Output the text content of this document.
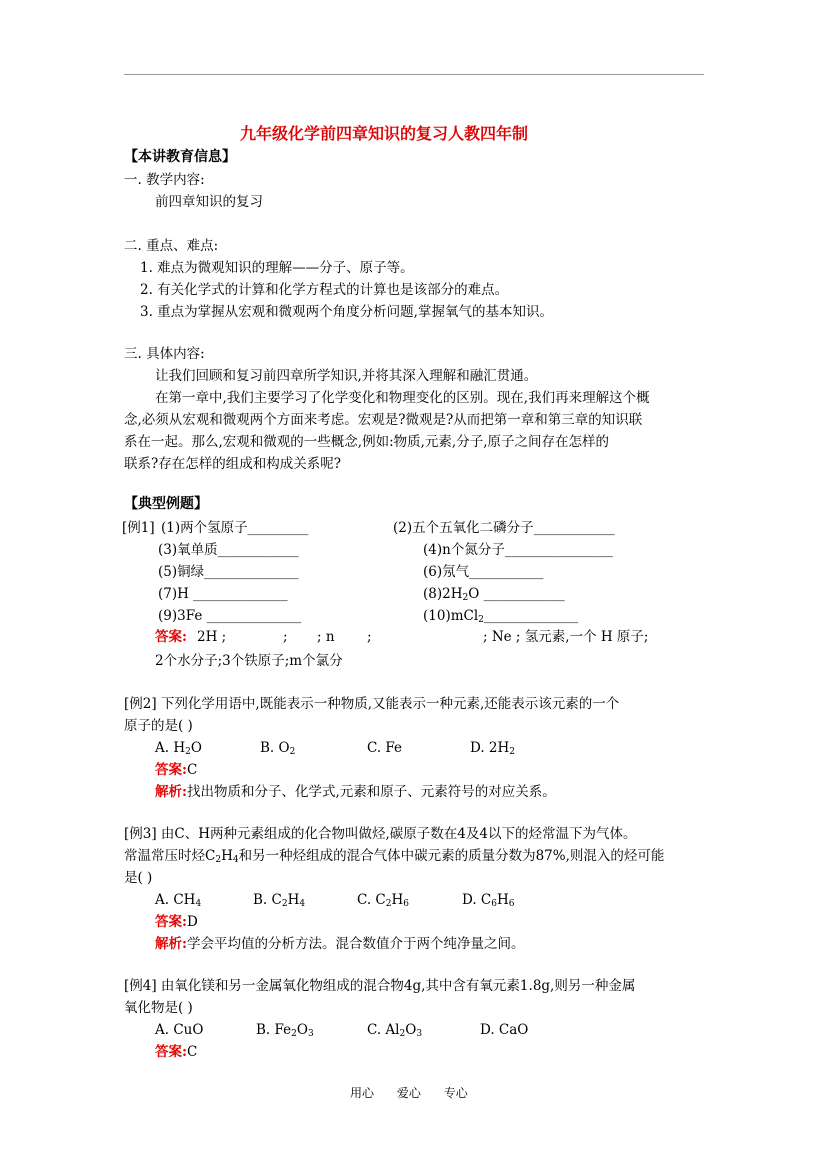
九年级化学前四章知识的复习人教四年制
【本讲教育信息】
一. 教学内容:
前四章知识的复习
二. 重点、难点:
1. 难点为微观知识的理解——分子、原子等。
2. 有关化学式的计算和化学方程式的计算也是该部分的难点。
3. 重点为掌握从宏观和微观两个角度分析问题,掌握氧气的基本知识。
三. 具体内容:
让我们回顾和复习前四章所学知识,并将其深入理解和融汇贯通。
在第一章中,我们主要学习了化学变化和物理变化的区别。现在,我们再来理解这个概
念,必须从宏观和微观两个方面来考虑。宏观是?微观是?从而把第一章和第三章的知识联
系在一起。那么,宏观和微观的一些概念,例如:物质,元素,分子,原子之间存在怎样的
联系?存在怎样的组成和构成关系呢?
【典型例题】
[例1] (1)两个氢原子_________	(2)五个五氧化二磷分子____________
(3)氧单质____________	(4)n个氮分子________________
(5)铜绿______________	(6)氖气___________
(7)H ______________	$(8)2H_2O$ ____________
(9)3Fe ______________	(10)mCl$_2$______________
答案: 2H ;	; ; n ;	; Ne ; 氢元素,一个 H 原子;
2个水分子;3个铁原子;m个氯分
[例2] 下列化学用语中,既能表示一种物质,又能表示一种元素,还能表示该元素的一个
原子的是( )
A. $H_2O$	B. $O_2$	C. Fe	D. $2H_2$
答案:C
解析:找出物质和分子、化学式,元素和原子、元素符号的对应关系。
[例3] 由C、H两种元素组成的化合物叫做烃,碳原子数在4及4以下的烃常温下为气体。
常温常压时烃$C_2H_4$和另一种烃组成的混合气体中碳元素的质量分数为87%,则混入的烃可能
是( )
A. $CH_4$	B. $C_2H_4$	C. $C_2H_6$	D. $C_6H_6$
答案:D
解析:学会平均值的分析方法。混合数值介于两个纯净量之间。
[例4] 由氧化镁和另一金属氧化物组成的混合物4g,其中含有氧元素1.8g,则另一种金属
氧化物是( )
A. CuO	B. $Fe_2O_3$	C. $Al_2O_3$	D. CaO
答案:C
用心      爱心      专心
